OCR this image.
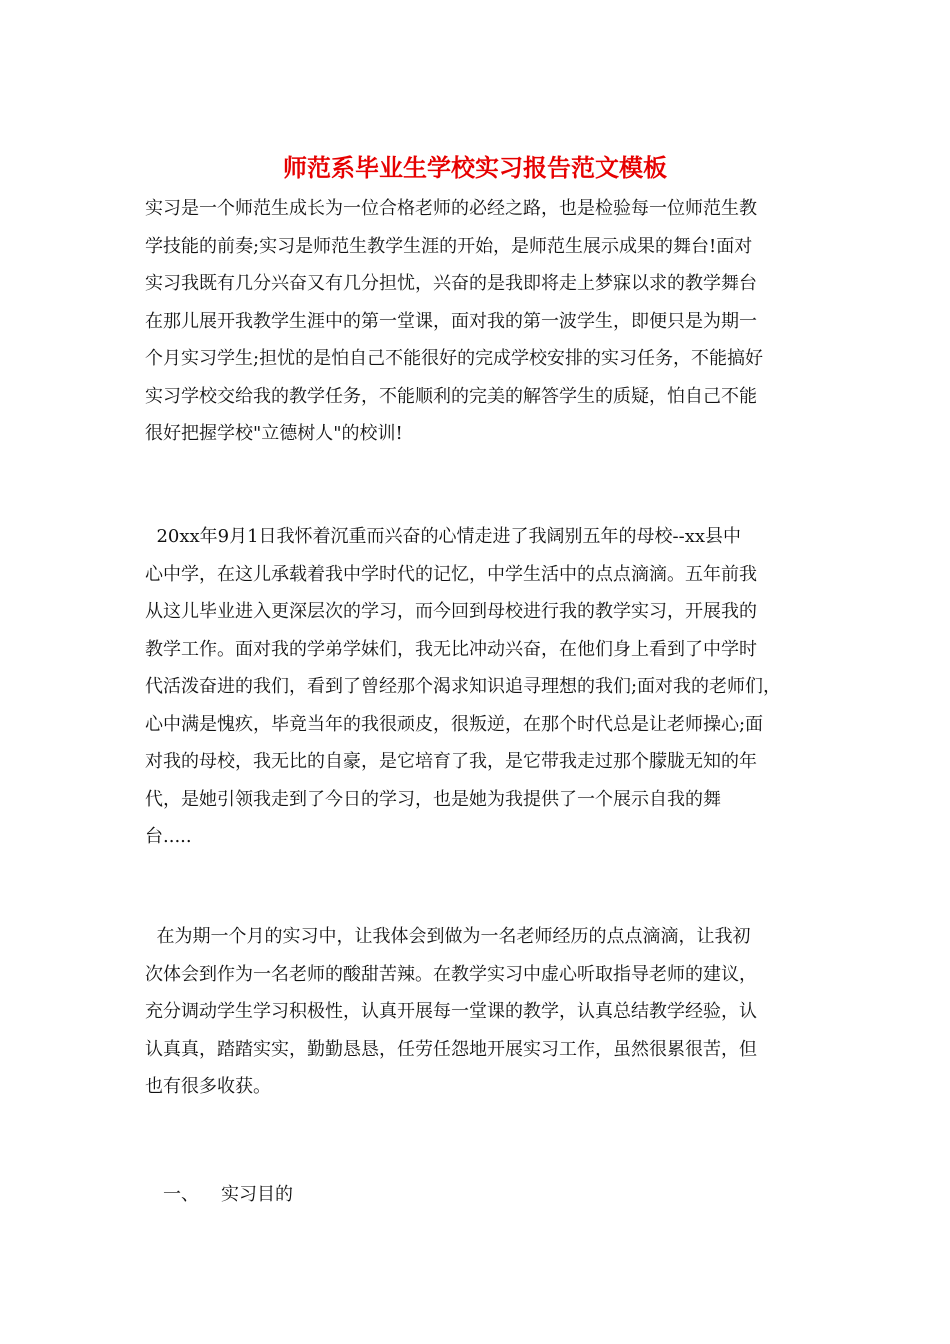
师范系毕业生学校实习报告范文模板
实习是一个师范生成长为一位合格老师的必经之路，也是检验每一位师范生教
学技能的前奏;实习是师范生教学生涯的开始，是师范生展示成果的舞台!面对
实习我既有几分兴奋又有几分担忧，兴奋的是我即将走上梦寐以求的教学舞台
在那儿展开我教学生涯中的第一堂课，面对我的第一波学生，即便只是为期一
个月实习学生;担忧的是怕自己不能很好的完成学校安排的实习任务，不能搞好
实习学校交给我的教学任务，不能顺利的完美的解答学生的质疑，怕自己不能
很好把握学校"立德树人"的校训!
20xx年9月1日我怀着沉重而兴奋的心情走进了我阔别五年的母校--xx县中
心中学，在这儿承载着我中学时代的记忆，中学生活中的点点滴滴。五年前我
从这儿毕业进入更深层次的学习，而今回到母校进行我的教学实习，开展我的
教学工作。面对我的学弟学妹们，我无比冲动兴奋，在他们身上看到了中学时
代活泼奋进的我们，看到了曾经那个渴求知识追寻理想的我们;面对我的老师们，
心中满是愧疚，毕竟当年的我很顽皮，很叛逆，在那个时代总是让老师操心;面
对我的母校，我无比的自豪，是它培育了我，是它带我走过那个朦胧无知的年
代，是她引领我走到了今日的学习，也是她为我提供了一个展示自我的舞
台.....
在为期一个月的实习中，让我体会到做为一名老师经历的点点滴滴，让我初
次体会到作为一名老师的酸甜苦辣。在教学实习中虚心听取指导老师的建议，
充分调动学生学习积极性，认真开展每一堂课的教学，认真总结教学经验，认
认真真，踏踏实实，勤勤恳恳，任劳任怨地开展实习工作，虽然很累很苦，但
也有很多收获。
一、 实习目的
